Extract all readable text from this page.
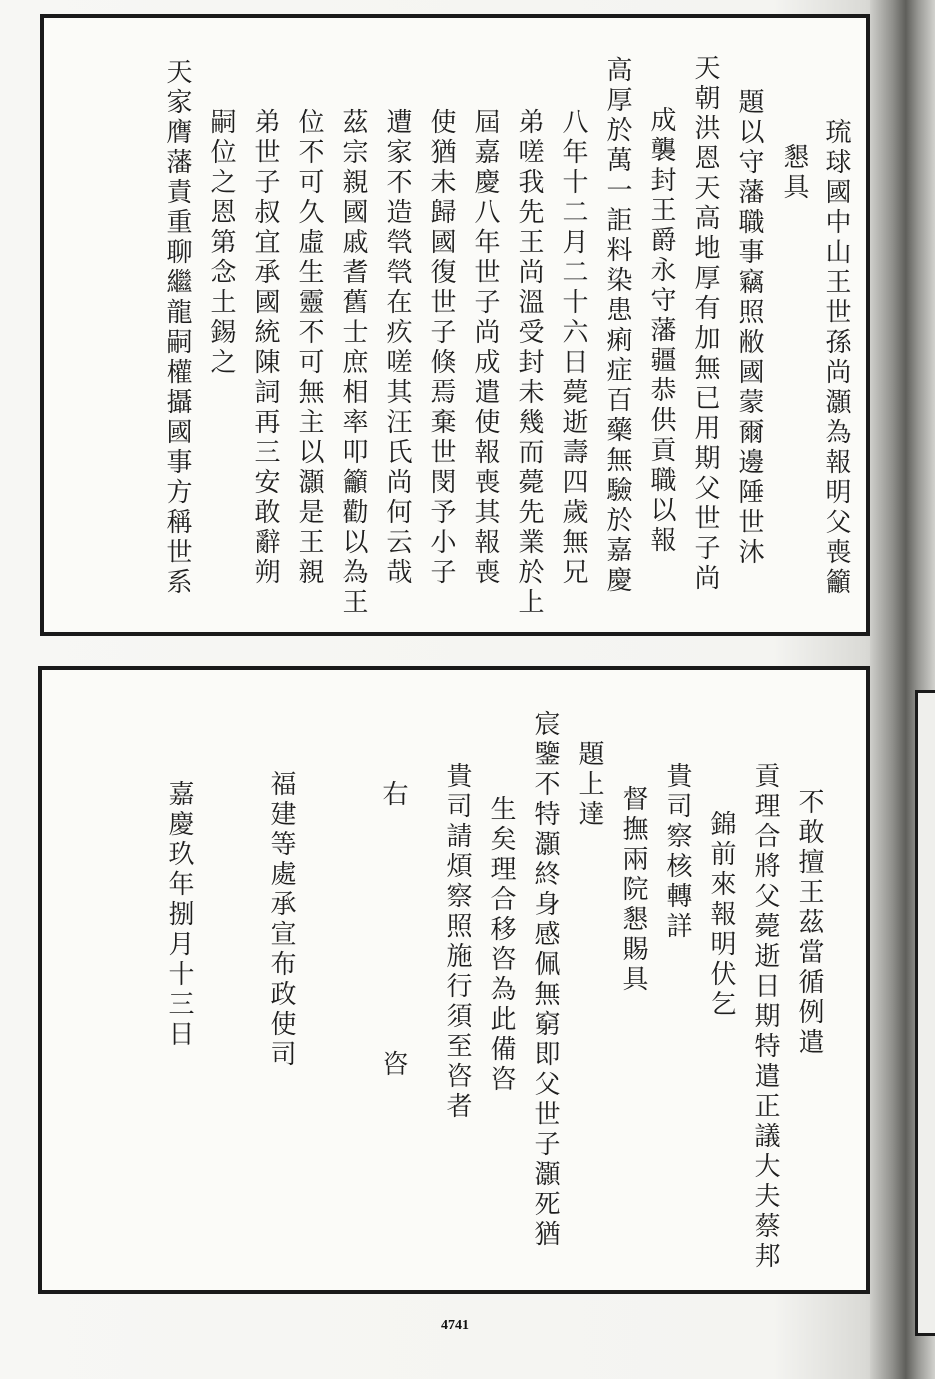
琉球國中山王世孫尚灝為報明父喪籲
懇具
題以守藩職事竊照敝國蒙爾邊陲世沐
天朝洪恩天高地厚有加無已用期父世子尚
成襲封王爵永守藩疆恭供貢職以報
高厚於萬一詎料染患痢症百藥無驗於嘉慶
八年十二月二十六日薨逝壽四歲無兄
弟嗟我先王尚溫受封未幾而薨先業於上
屆嘉慶八年世子尚成遣使報喪其報喪
使猶未歸國復世子倏焉棄世閔予小子
遭家不造煢煢在疚嗟其汪氏尚何云哉
茲宗親國戚耆舊士庶相率叩籲勸以為王
位不可久虛生靈不可無主以灝是王親
弟世子叔宜承國統陳詞再三安敢辭朔
嗣位之恩第念土錫之
天家膺藩責重聊繼龍嗣權攝國事方稱世系
不敢擅王茲當循例遣
貢理合將父薨逝日期特遣正議大夫蔡邦
錦前來報明伏乞
貴司察核轉詳
督撫兩院懇賜具
題上達
宸鑒不特灝終身感佩無窮即父世子灝死猶
生矣理合移咨為此備咨
貴司請煩察照施行須至咨者
右
咨
福建等處承宣布政使司
嘉慶玖年捌月十三日
4741
